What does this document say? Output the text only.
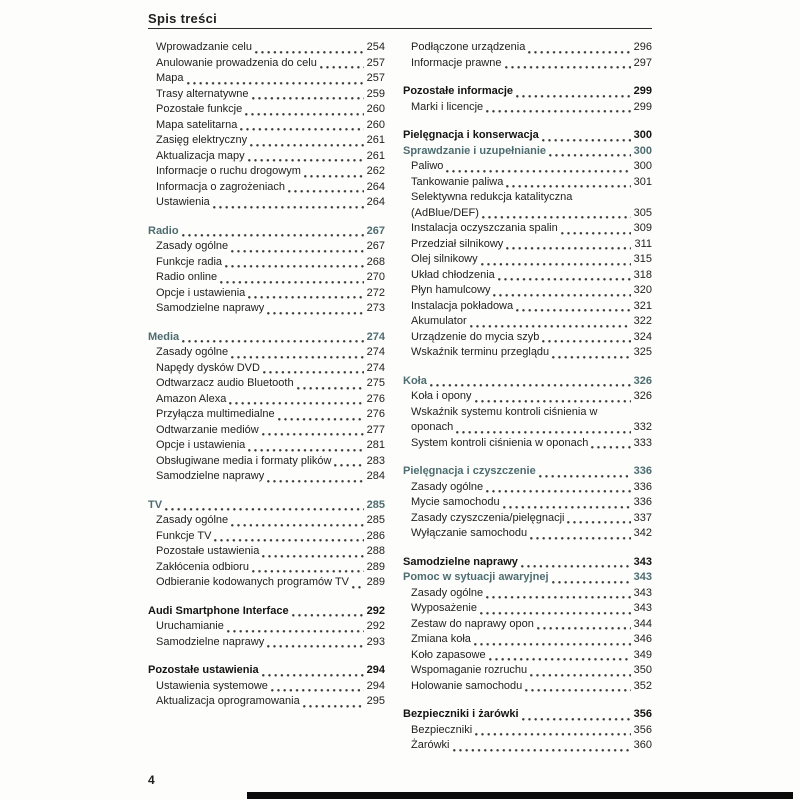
Spis treści
Wprowadzanie celu	254
Anulowanie prowadzenia do celu	257
Mapa	257
Trasy alternatywne	259
Pozostałe funkcje	260
Mapa satelitarna	260
Zasięg elektryczny	261
Aktualizacja mapy	261
Informacje o ruchu drogowym	262
Informacja o zagrożeniach	264
Ustawienia	264
Radio	267
Zasady ogólne	267
Funkcje radia	268
Radio online	270
Opcje i ustawienia	272
Samodzielne naprawy	273
Media	274
Zasady ogólne	274
Napędy dysków DVD	274
Odtwarzacz audio Bluetooth	275
Amazon Alexa	276
Przyłącza multimedialne	276
Odtwarzanie mediów	277
Opcje i ustawienia	281
Obsługiwane media i formaty plików	283
Samodzielne naprawy	284
TV	285
Zasady ogólne	285
Funkcje TV	286
Pozostałe ustawienia	288
Zakłócenia odbioru	289
Odbieranie kodowanych programów TV 289
Audi Smartphone Interface	292
Uruchamianie	292
Samodzielne naprawy	293
Pozostałe ustawienia	294
Ustawienia systemowe	294
Aktualizacja oprogramowania	295
Podłączone urządzenia	296
Informacje prawne	297
Pozostałe informacje	299
Marki i licencje	299
Pielęgnacja i konserwacja	300
Sprawdzanie i uzupełnianie	300
Paliwo	300
Tankowanie paliwa	301
Selektywna redukcja katalityczna
(AdBlue/DEF)	305
Instalacja oczyszczania spalin	309
Przedział silnikowy	311
Olej silnikowy	315
Układ chłodzenia	318
Płyn hamulcowy	320
Instalacja pokładowa	321
Akumulator	322
Urządzenie do mycia szyb	324
Wskaźnik terminu przeglądu	325
Koła	326
Koła i opony	326
Wskaźnik systemu kontroli ciśnienia w
oponach	332
System kontroli ciśnienia w oponach	333
Pielęgnacja i czyszczenie	336
Zasady ogólne	336
Mycie samochodu	336
Zasady czyszczenia/pielęgnacji	337
Wyłączanie samochodu	342
Samodzielne naprawy	343
Pomoc w sytuacji awaryjnej	343
Zasady ogólne	343
Wyposażenie	343
Zestaw do naprawy opon	344
Zmiana koła	346
Koło zapasowe	349
Wspomaganie rozruchu	350
Holowanie samochodu	352
Bezpieczniki i żarówki	356
Bezpieczniki	356
Żarówki	360
4
